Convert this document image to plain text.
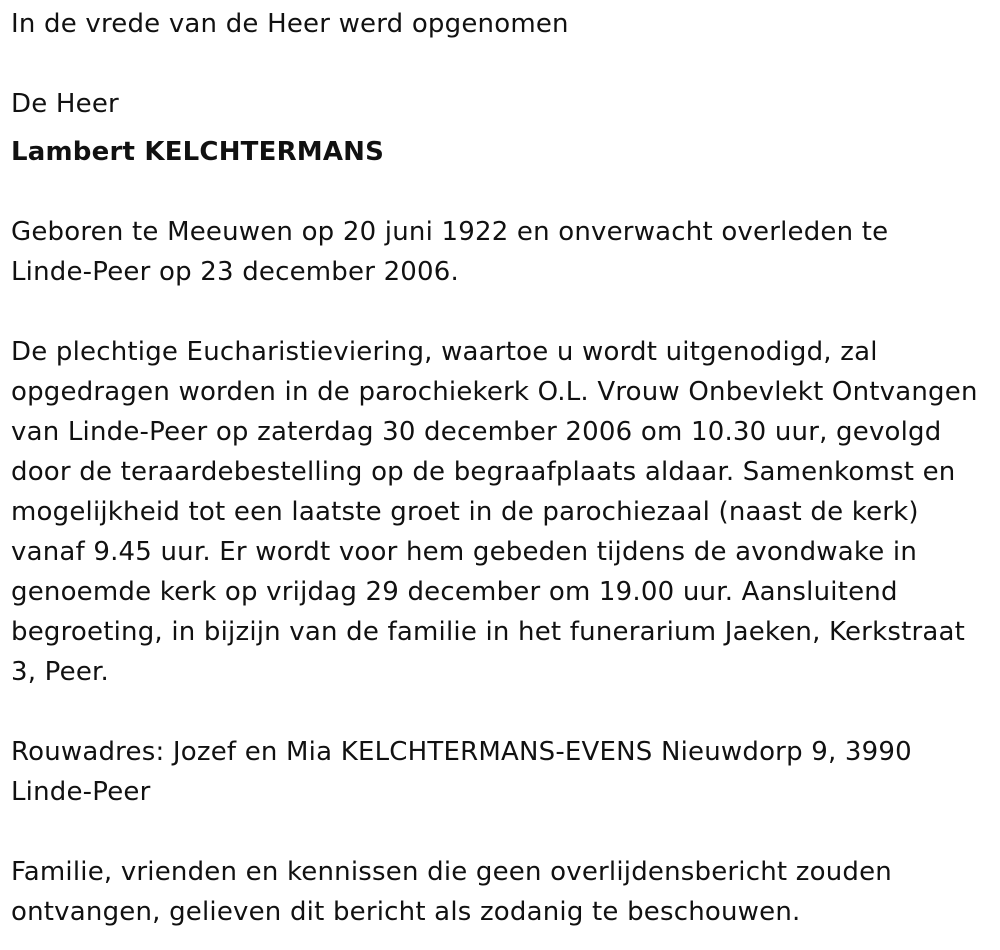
In de vrede van de Heer werd opgenomen
De Heer
Lambert KELCHTERMANS
Geboren te Meeuwen op 20 juni 1922 en onverwacht overleden te
Linde-Peer op 23 december 2006.
De plechtige Eucharistieviering, waartoe u wordt uitgenodigd, zal
opgedragen worden in de parochiekerk O.L. Vrouw Onbevlekt Ontvangen
van Linde-Peer op zaterdag 30 december 2006 om 10.30 uur, gevolgd
door de teraardebestelling op de begraafplaats aldaar. Samenkomst en
mogelijkheid tot een laatste groet in de parochiezaal (naast de kerk)
vanaf 9.45 uur. Er wordt voor hem gebeden tijdens de avondwake in
genoemde kerk op vrijdag 29 december om 19.00 uur. Aansluitend
begroeting, in bijzijn van de familie in het funerarium Jaeken, Kerkstraat
3, Peer.
Rouwadres: Jozef en Mia KELCHTERMANS-EVENS Nieuwdorp 9, 3990
Linde-Peer
Familie, vrienden en kennissen die geen overlijdensbericht zouden
ontvangen, gelieven dit bericht als zodanig te beschouwen.
